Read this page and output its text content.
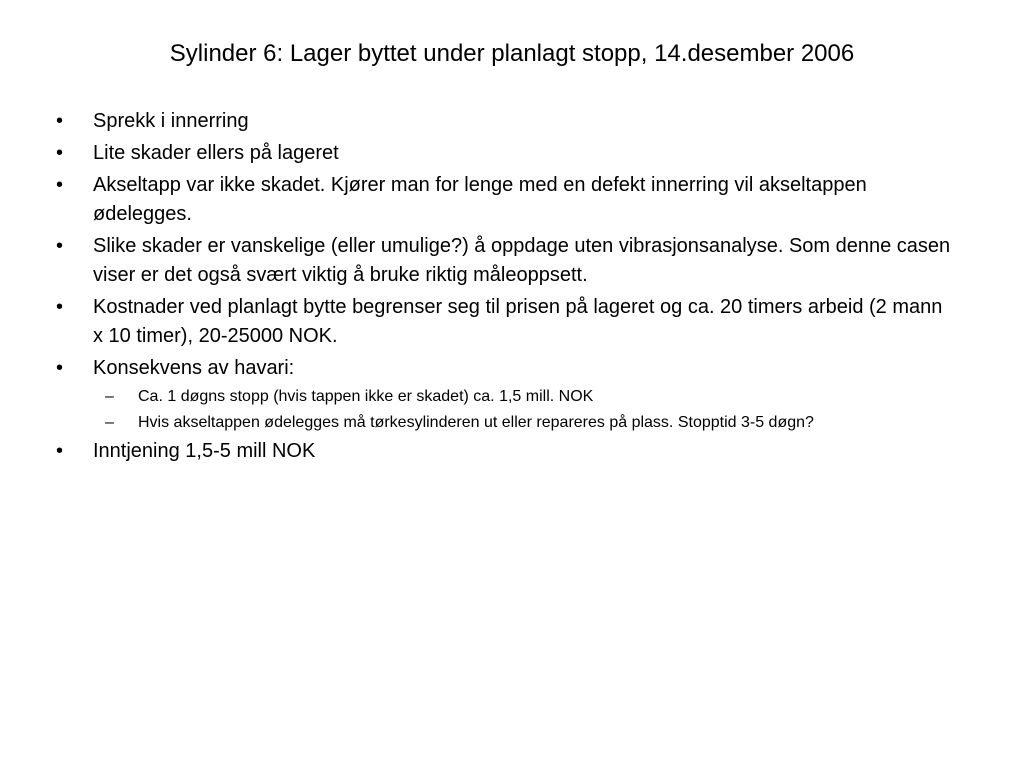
Sylinder 6: Lager byttet under planlagt stopp, 14.desember 2006
• Sprekk i innerring
• Lite skader ellers på lageret
• Akseltapp var ikke skadet. Kjører man for lenge med en defekt innerring vil akseltappen ødelegges.
• Slike skader er vanskelige (eller umulige?) å oppdage uten vibrasjonsanalyse. Som denne casen viser er det også svært viktig å bruke riktig måleoppsett.
• Kostnader ved planlagt bytte begrenser seg til prisen på lageret og ca. 20 timers arbeid (2 mann x 10 timer), 20-25000 NOK.
• Konsekvens av havari:
– Ca. 1 døgns stopp (hvis tappen ikke er skadet) ca. 1,5 mill. NOK
– Hvis akseltappen ødelegges må tørkesylinderen ut eller repareres på plass. Stopptid 3-5 døgn?
• Inntjening 1,5-5 mill NOK
